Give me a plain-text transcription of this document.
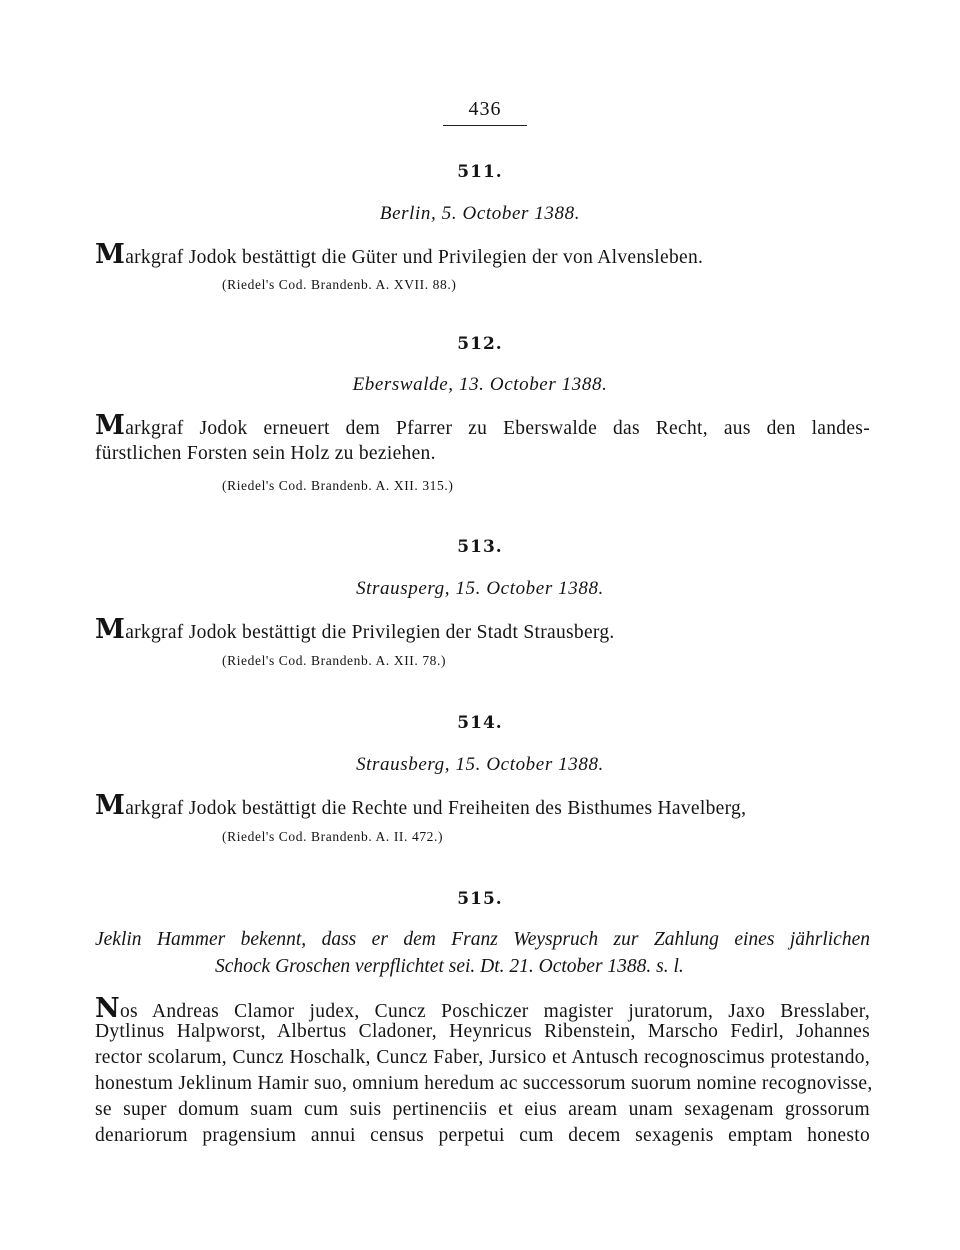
436
511.
Berlin, 5. October 1388.
Markgraf Jodok bestättigt die Güter und Privilegien der von Alvensleben.
(Riedel's Cod. Brandenb. A. XVII. 88.)
512.
Eberswalde, 13. October 1388.
Markgraf Jodok erneuert dem Pfarrer zu Eberswalde das Recht, aus den landes-
fürstlichen Forsten sein Holz zu beziehen.
(Riedel's Cod. Brandenb. A. XII. 315.)
513.
Strausperg, 15. October 1388.
Markgraf Jodok bestättigt die Privilegien der Stadt Strausberg.
(Riedel's Cod. Brandenb. A. XII. 78.)
514.
Strausberg, 15. October 1388.
Markgraf Jodok bestättigt die Rechte und Freiheiten des Bisthumes Havelberg,
(Riedel's Cod. Brandenb. A. II. 472.)
515.
Jeklin Hammer bekennt, dass er dem Franz Weyspruch zur Zahlung eines jährlichen
Schock Groschen verpflichtet sei. Dt. 21. October 1388. s. l.
Nos Andreas Clamor judex, Cuncz Poschiczer magister juratorum, Jaxo Bresslaber,
Dytlinus Halpworst, Albertus Cladoner, Heynricus Ribenstein, Marscho Fedirl, Johannes
rector scolarum, Cuncz Hoschalk, Cuncz Faber, Jursico et Antusch recognoscimus protestando,
honestum Jeklinum Hamir suo, omnium heredum ac successorum suorum nomine recognovisse,
se super domum suam cum suis pertinenciis et eius aream unam sexagenam grossorum
denariorum pragensium annui census perpetui cum decem sexagenis emptam honesto
